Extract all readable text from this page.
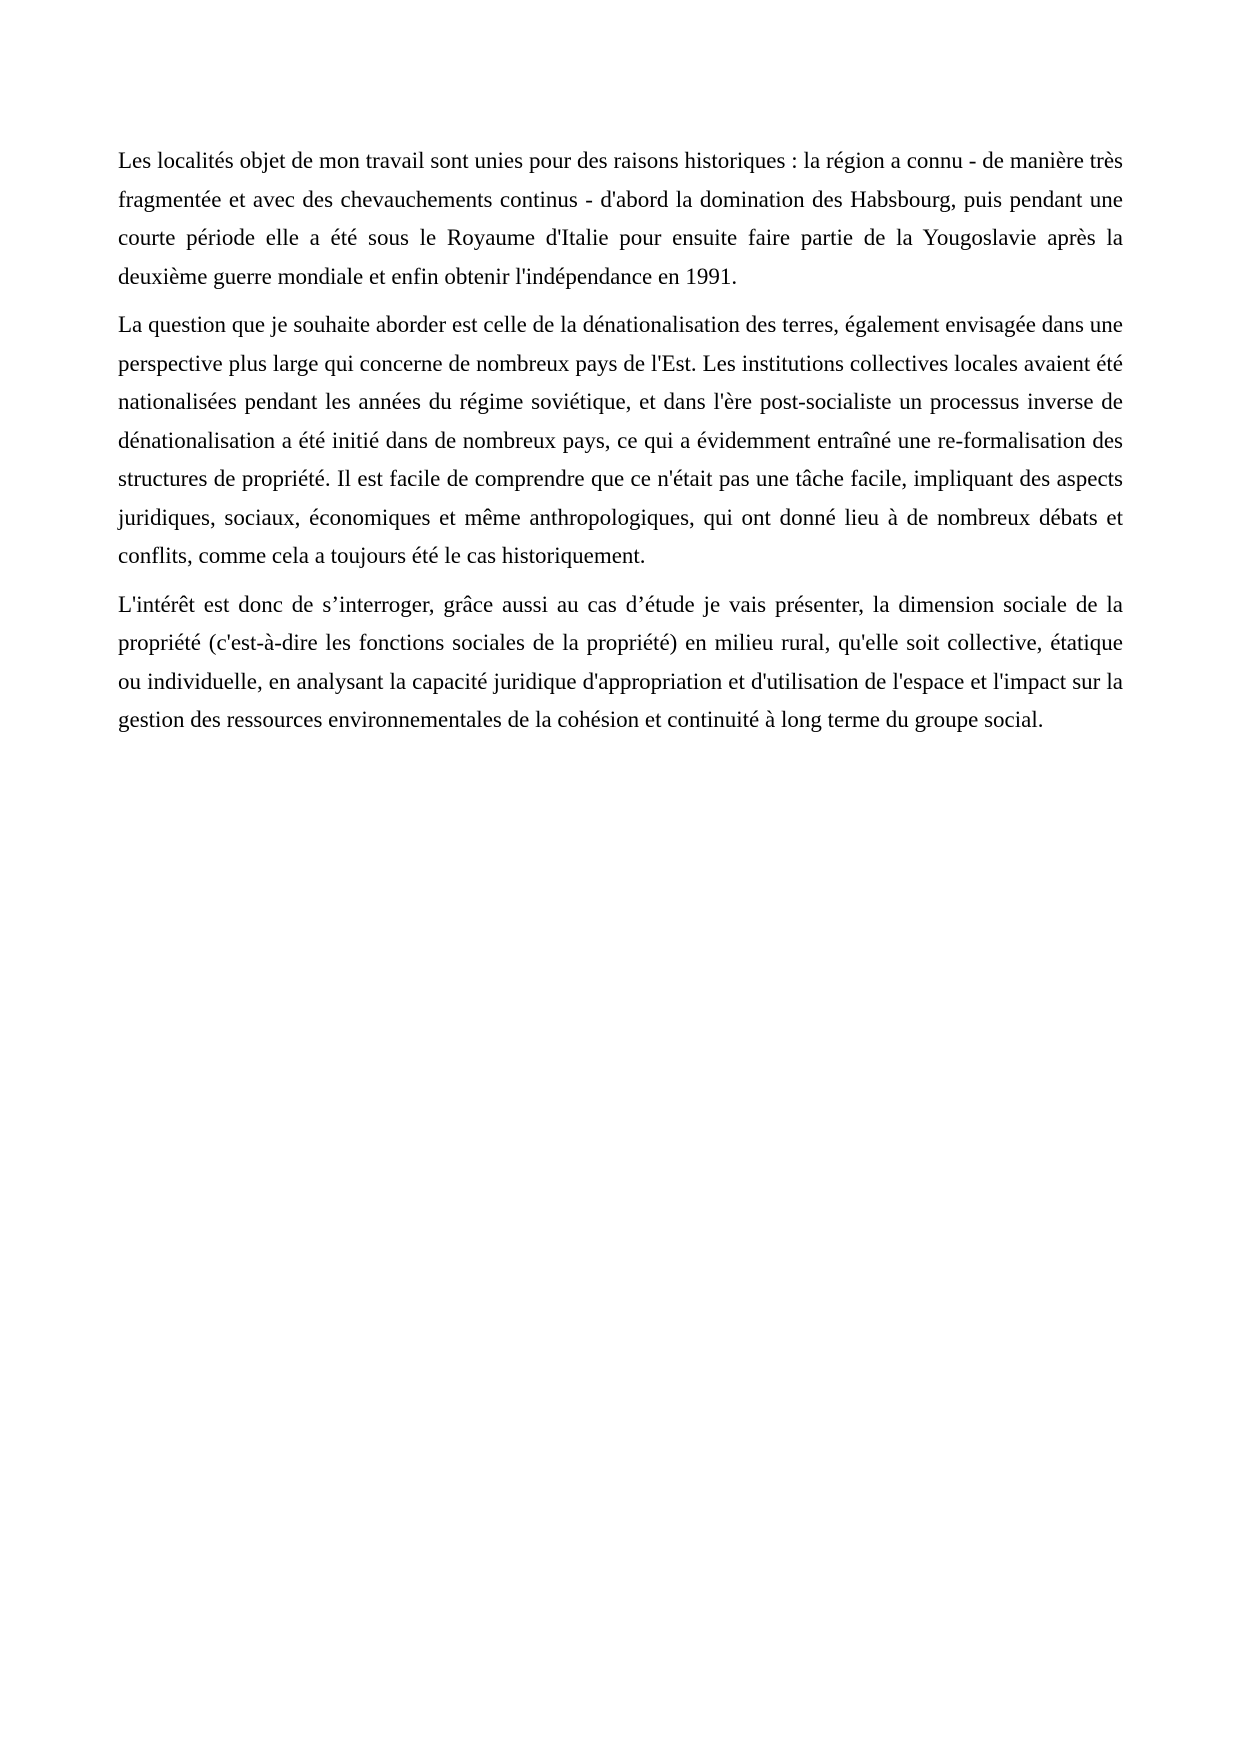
Les localités objet de mon travail sont unies pour des raisons historiques : la région a connu - de manière très fragmentée et avec des chevauchements continus - d'abord la domination des Habsbourg, puis pendant une courte période elle a été sous le Royaume d'Italie pour ensuite faire partie de la Yougoslavie après la deuxième guerre mondiale et enfin obtenir l'indépendance en 1991.

La question que je souhaite aborder est celle de la dénationalisation des terres, également envisagée dans une perspective plus large qui concerne de nombreux pays de l'Est. Les institutions collectives locales avaient été nationalisées pendant les années du régime soviétique, et dans l'ère post-socialiste un processus inverse de dénationalisation a été initié dans de nombreux pays, ce qui a évidemment entraîné une re-formalisation des structures de propriété. Il est facile de comprendre que ce n'était pas une tâche facile, impliquant des aspects juridiques, sociaux, économiques et même anthropologiques, qui ont donné lieu à de nombreux débats et conflits, comme cela a toujours été le cas historiquement.

L'intérêt est donc de s’interroger, grâce aussi au cas d’étude je vais présenter, la dimension sociale de la propriété (c'est-à-dire les fonctions sociales de la propriété) en milieu rural, qu'elle soit collective, étatique ou individuelle, en analysant la capacité juridique d'appropriation et d'utilisation de l'espace et l'impact sur la gestion des ressources environnementales de la cohésion et continuité à long terme du groupe social.
